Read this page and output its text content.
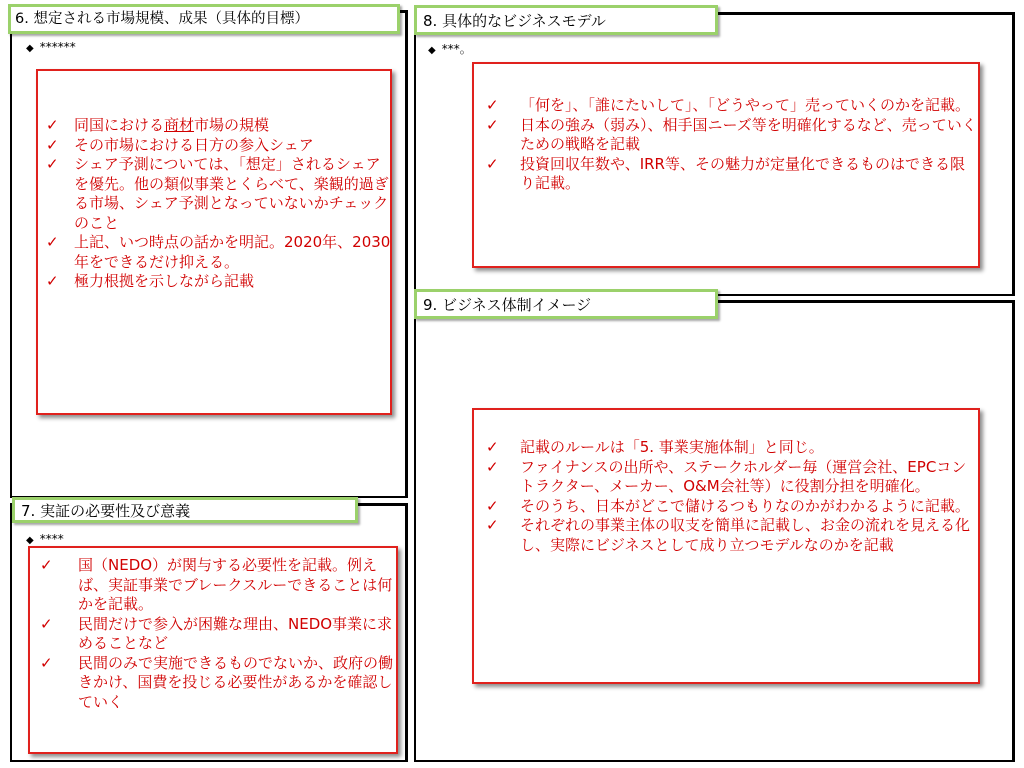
6. 想定される市場規模、成果（具体的目標）
◆ ******
✓ 同国における商材市場の規模
✓ その市場における日方の参入シェア
✓ シェア予測については、「想定」されるシェアを優先。他の類似事業とくらべて、楽観的過ぎる市場、シェア予測となっていないかチェックのこと
✓ 上記、いつ時点の話かを明記。2020年、2030年をできるだけ抑える。
✓ 極力根拠を示しながら記載
7. 実証の必要性及び意義
◆ ****
✓ 国（NEDO）が関与する必要性を記載。例えば、実証事業でブレークスルーできることは何かを記載。
✓ 民間だけで参入が困難な理由、NEDO事業に求めることなど
✓ 民間のみで実施できるものでないか、政府の働きかけ、国費を投じる必要性があるかを確認していく
8. 具体的なビジネスモデル
◆ ***。
✓ 「何を」、「誰にたいして」、「どうやって」売っていくのかを記載。
✓ 日本の強み（弱み）、相手国ニーズ等を明確化するなど、売っていくための戦略を記載
✓ 投資回収年数や、IRR等、その魅力が定量化できるものはできる限り記載。
9. ビジネス体制イメージ
✓ 記載のルールは「5. 事業実施体制」と同じ。
✓ ファイナンスの出所や、ステークホルダー毎（運営会社、EPCコントラクター、メーカー、O&M会社等）に役割分担を明確化。
✓ そのうち、日本がどこで儲けるつもりなのかがわかるように記載。
✓ それぞれの事業主体の収支を簡単に記載し、お金の流れを見える化し、実際にビジネスとして成り立つモデルなのかを記載
